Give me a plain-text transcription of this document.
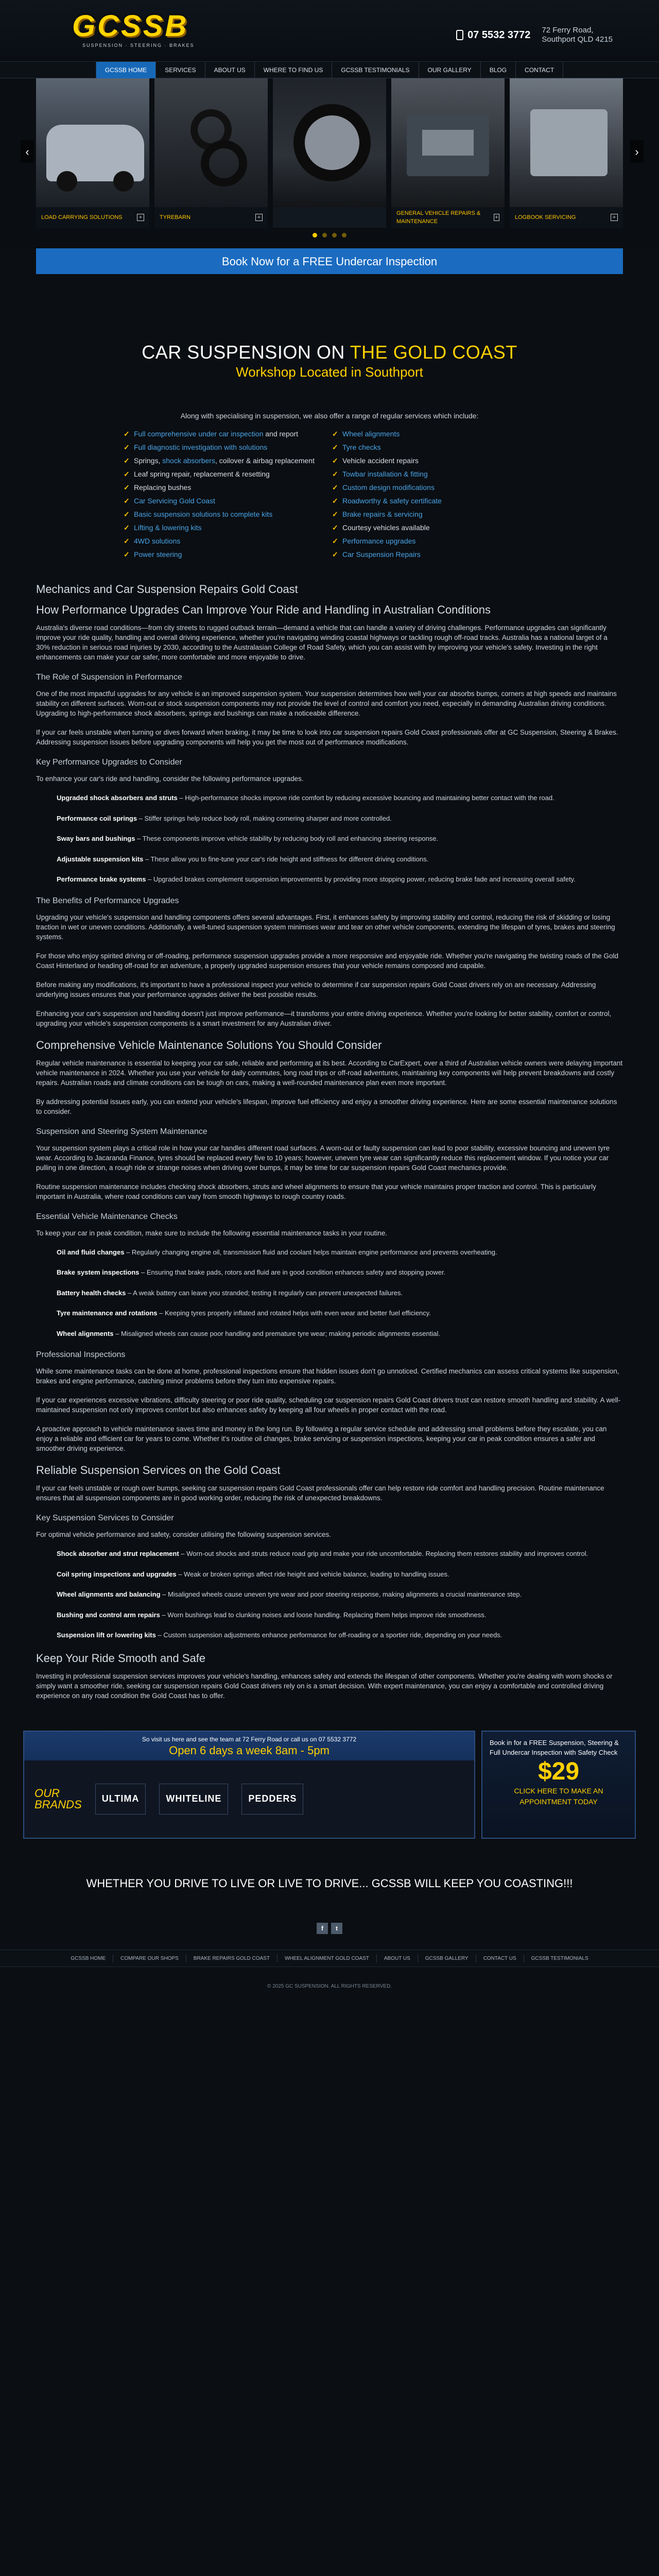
GCSSB
SUSPENSION · STEERING · BRAKES
07 5532 3772 72 Ferry Road,
Southport QLD 4215
GCSSB HOME	SERVICES	ABOUT US	WHERE TO FIND US	GCSSB TESTIMONIALS	OUR GALLERY	BLOG	CONTACT
LOAD CARRYING SOLUTIONS	+	TYREBARN	+
GENERAL VEHICLE REPAIRS & MAINTENANCE
+	LOGBOOK SERVICING	+
‹	›
Book Now for a FREE Undercar Inspection
CAR SUSPENSION ON THE GOLD COAST
Workshop Located in Southport

Along with specialising in suspension, we also offer a range of regular services which include:

✓ Full comprehensive under car inspection and report
✓ Full diagnostic investigation with solutions
✓ Springs, shock absorbers, coilover & airbag replacement
✓ Leaf spring repair, replacement & resetting
✓ Replacing bushes
✓ Car Servicing Gold Coast
✓ Basic suspension solutions to complete kits
✓ Lifting & lowering kits
✓ 4WD solutions
✓ Power steering
✓ Wheel alignments
✓ Tyre checks
✓ Vehicle accident repairs
✓ Towbar installation & fitting
✓ Custom design modifications
✓ Roadworthy & safety certificate
✓ Brake repairs & servicing
✓ Courtesy vehicles available
✓ Performance upgrades
✓ Car Suspension Repairs
Mechanics and Car Suspension Repairs Gold Coast
How Performance Upgrades Can Improve Your Ride and Handling in Australian Conditions

Australia's diverse road conditions—from city streets to rugged outback terrain—demand a vehicle that can handle a variety of driving challenges. Performance upgrades can significantly improve your ride quality, handling and overall driving experience, whether you're navigating winding coastal highways or tackling rough off-road tracks. Australia has a national target of a 30% reduction in serious road injuries by 2030, according to the Australasian College of Road Safety, which you can assist with by improving your vehicle's safety. Investing in the right enhancements can make your car safer, more comfortable and more enjoyable to drive.

The Role of Suspension in Performance

One of the most impactful upgrades for any vehicle is an improved suspension system. Your suspension determines how well your car absorbs bumps, corners at high speeds and maintains stability on different surfaces. Worn-out or stock suspension components may not provide the level of control and comfort you need, especially in demanding Australian driving conditions. Upgrading to high-performance shock absorbers, springs and bushings can make a noticeable difference.

If your car feels unstable when turning or dives forward when braking, it may be time to look into car suspension repairs Gold Coast professionals offer at GC Suspension, Steering & Brakes. Addressing suspension issues before upgrading components will help you get the most out of performance modifications.

Key Performance Upgrades to Consider

To enhance your car's ride and handling, consider the following performance upgrades.

Upgraded shock absorbers and struts – High-performance shocks improve ride comfort by reducing excessive bouncing and maintaining better contact with the road.
Performance coil springs – Stiffer springs help reduce body roll, making cornering sharper and more controlled.
Sway bars and bushings – These components improve vehicle stability by reducing body roll and enhancing steering response.
Adjustable suspension kits – These allow you to fine-tune your car's ride height and stiffness for different driving conditions.
Performance brake systems – Upgraded brakes complement suspension improvements by providing more stopping power, reducing brake fade and increasing overall safety.
The Benefits of Performance Upgrades

Upgrading your vehicle's suspension and handling components offers several advantages. First, it enhances safety by improving stability and control, reducing the risk of skidding or losing traction in wet or uneven conditions. Additionally, a well-tuned suspension system minimises wear and tear on other vehicle components, extending the lifespan of tyres, brakes and steering systems.

For those who enjoy spirited driving or off-roading, performance suspension upgrades provide a more responsive and enjoyable ride. Whether you're navigating the twisting roads of the Gold Coast Hinterland or heading off-road for an adventure, a properly upgraded suspension ensures that your vehicle remains composed and capable.

Before making any modifications, it's important to have a professional inspect your vehicle to determine if car suspension repairs Gold Coast drivers rely on are necessary. Addressing underlying issues ensures that your performance upgrades deliver the best possible results.

Enhancing your car's suspension and handling doesn't just improve performance—it transforms your entire driving experience. Whether you're looking for better stability, comfort or control, upgrading your vehicle's suspension components is a smart investment for any Australian driver.

Comprehensive Vehicle Maintenance Solutions You Should Consider

Regular vehicle maintenance is essential to keeping your car safe, reliable and performing at its best. According to CarExpert, over a third of Australian vehicle owners were delaying important vehicle maintenance in 2024. Whether you use your vehicle for daily commutes, long road trips or off-road adventures, maintaining key components will help prevent breakdowns and costly repairs. Australian roads and climate conditions can be tough on cars, making a well-rounded maintenance plan even more important.

By addressing potential issues early, you can extend your vehicle's lifespan, improve fuel efficiency and enjoy a smoother driving experience. Here are some essential maintenance solutions to consider.

Suspension and Steering System Maintenance

Your suspension system plays a critical role in how your car handles different road surfaces. A worn-out or faulty suspension can lead to poor stability, excessive bouncing and uneven tyre wear. According to Jacaranda Finance, tyres should be replaced every five to 10 years; however, uneven tyre wear can significantly reduce this replacement window. If you notice your car pulling in one direction, a rough ride or strange noises when driving over bumps, it may be time for car suspension repairs Gold Coast mechanics provide.

Routine suspension maintenance includes checking shock absorbers, struts and wheel alignments to ensure that your vehicle maintains proper traction and control. This is particularly important in Australia, where road conditions can vary from smooth highways to rough country roads.

Essential Vehicle Maintenance Checks

To keep your car in peak condition, make sure to include the following essential maintenance tasks in your routine.

Oil and fluid changes – Regularly changing engine oil, transmission fluid and coolant helps maintain engine performance and prevents overheating.
Brake system inspections – Ensuring that brake pads, rotors and fluid are in good condition enhances safety and stopping power.
Battery health checks – A weak battery can leave you stranded; testing it regularly can prevent unexpected failures.
Tyre maintenance and rotations – Keeping tyres properly inflated and rotated helps with even wear and better fuel efficiency.
Wheel alignments – Misaligned wheels can cause poor handling and premature tyre wear; making periodic alignments essential.
Professional Inspections

While some maintenance tasks can be done at home, professional inspections ensure that hidden issues don't go unnoticed. Certified mechanics can assess critical systems like suspension, brakes and engine performance, catching minor problems before they turn into expensive repairs.

If your car experiences excessive vibrations, difficulty steering or poor ride quality, scheduling car suspension repairs Gold Coast drivers trust can restore smooth handling and stability. A well-maintained suspension not only improves comfort but also enhances safety by keeping all four wheels in proper contact with the road.

A proactive approach to vehicle maintenance saves time and money in the long run. By following a regular service schedule and addressing small problems before they escalate, you can enjoy a reliable and efficient car for years to come. Whether it's routine oil changes, brake servicing or suspension inspections, keeping your car in peak condition ensures a safer and smoother driving experience.

Reliable Suspension Services on the Gold Coast

If your car feels unstable or rough over bumps, seeking car suspension repairs Gold Coast professionals offer can help restore ride comfort and handling precision. Routine maintenance ensures that all suspension components are in good working order, reducing the risk of unexpected breakdowns.

Key Suspension Services to Consider

For optimal vehicle performance and safety, consider utilising the following suspension services.

Shock absorber and strut replacement – Worn-out shocks and struts reduce road grip and make your ride uncomfortable. Replacing them restores stability and improves control.
Coil spring inspections and upgrades – Weak or broken springs affect ride height and vehicle balance, leading to handling issues.
Wheel alignments and balancing – Misaligned wheels cause uneven tyre wear and poor steering response, making alignments a crucial maintenance step.
Bushing and control arm repairs – Worn bushings lead to clunking noises and loose handling. Replacing them helps improve ride smoothness.
Suspension lift or lowering kits – Custom suspension adjustments enhance performance for off-roading or a sportier ride, depending on your needs.
Keep Your Ride Smooth and Safe

Investing in professional suspension services improves your vehicle's handling, enhances safety and extends the lifespan of other components. Whether you're dealing with worn shocks or simply want a smoother ride, seeking car suspension repairs Gold Coast drivers rely on is a smart decision. With expert maintenance, you can enjoy a comfortable and controlled driving experience on any road condition the Gold Coast has to offer.

So visit us here and see the team at 72 Ferry Road or call us on 07 5532 3772
Open 6 days a week 8am - 5pm
OUR
BRANDS	ULTIMA	WHITELINE	PEDDERS
Book in for a FREE Suspension, Steering & Full Undercar Inspection with Safety Check
$29
CLICK HERE TO MAKE AN APPOINTMENT TODAY
WHETHER YOU DRIVE TO LIVE OR LIVE TO DRIVE... GCSSB WILL KEEP YOU COASTING!!!
f	t
GCSSB HOME	COMPARE OUR SHOPS	BRAKE REPAIRS GOLD COAST	WHEEL ALIGNMENT GOLD COAST	ABOUT US	GCSSB GALLERY	CONTACT US	GCSSB TESTIMONIALS
© 2025 GC SUSPENSION. ALL RIGHTS RESERVED.
